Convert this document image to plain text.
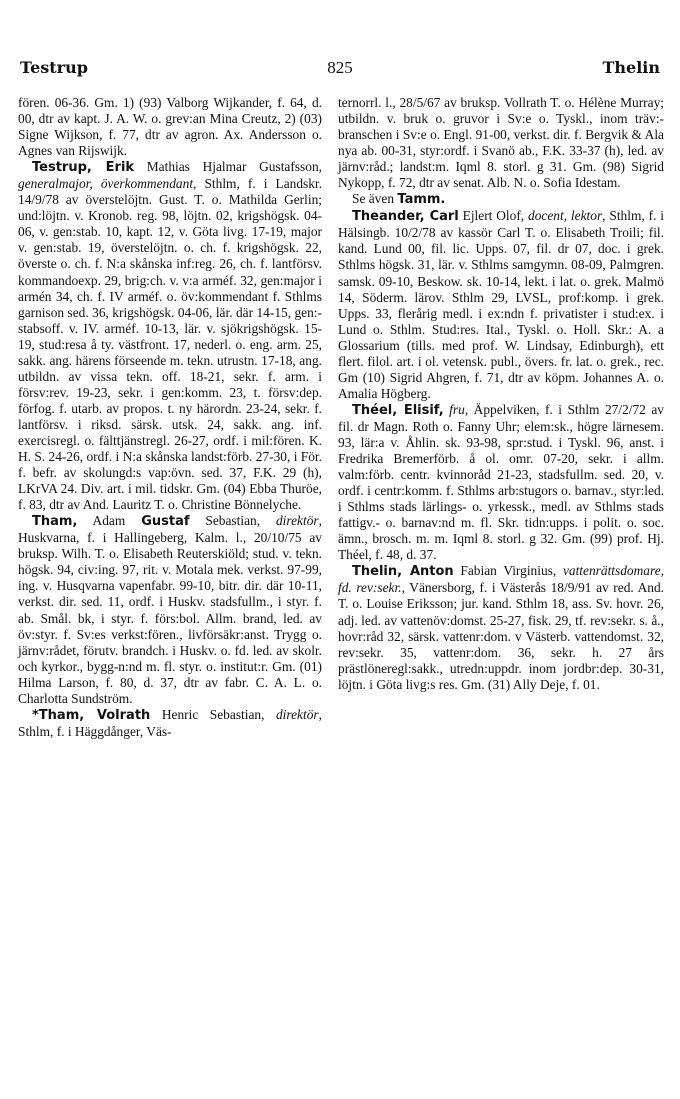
Testrup	825	Thelin

fören. 06-36. Gm. 1) (93) Valborg Wijkander, f. 64, d. 00, dtr av kapt. J. A. W. o. grev:an Mina Creutz, 2) (03) Signe Wijkson, f. 77, dtr av agron. Ax. Andersson o. Agnes van Rijswijk.

Testrup, Erik Mathias Hjalmar Gustafsson, generalmajor, överkommendant, Sthlm, f. i Landskr. 14/9/78 av överstelöjtn. Gust. T. o. Mathilda Gerlin; und:löjtn. v. Kronob. reg. 98, löjtn. 02, krigshögsk. 04-06, v. gen:stab. 10, kapt. 12, v. Göta livg. 17-19, major v. gen:stab. 19, överstelöjtn. o. ch. f. krigshögsk. 22, överste o. ch. f. N:a skånska inf:reg. 26, ch. f. lantförsv. kommandoexp. 29, brig:ch. v. v:a arméf. 32, gen:major i armén 34, ch. f. IV arméf. o. öv:kommendant f. Sthlms garnison sed. 36, krigshögsk. 04-06, lär. där 14-15, gen:-stabsoff. v. IV. arméf. 10-13, lär. v. sjökrigshögsk. 15-19, stud:resa å ty. västfront. 17, nederl. o. eng. arm. 25, sakk. ang. härens förseende m. tekn. utrustn. 17-18, ang. utbildn. av vissa tekn. off. 18-21, sekr. f. arm. i försv:rev. 19-23, sekr. i gen:komm. 23, t. försv:dep. förfog. f. utarb. av propos. t. ny härordn. 23-24, sekr. f. lantförsv. i riksd. särsk. utsk. 24, sakk. ang. inf. exercisregl. o. fälttjänstregl. 26-27, ordf. i mil:fören. K. H. S. 24-26, ordf. i N:a skånska landst:förb. 27-30, i För. f. befr. av skolungd:s vap:övn. sed. 37, F.K. 29 (h), LKrVA 24. Div. art. i mil. tidskr. Gm. (04) Ebba Thuröe, f. 83, dtr av And. Lauritz T. o. Christine Bönnelyche.

Tham, Adam Gustaf Sebastian, direktör, Huskvarna, f. i Hallingeberg, Kalm. l., 20/10/75 av bruksp. Wilh. T. o. Elisabeth Reuterskiöld; stud. v. tekn. högsk. 94, civ:ing. 97, rit. v. Motala mek. verkst. 97-99, ing. v. Husqvarna vapenfabr. 99-10, bitr. dir. där 10-11, verkst. dir. sed. 11, ordf. i Huskv. stadsfullm., i styr. f. ab. Smål. bk, i styr. f. förs:bol. Allm. brand, led. av öv:styr. f. Sv:es verkst:fören., livförsäkr:anst. Trygg o. järnv:rådet, förutv. brandch. i Huskv. o. fd. led. av skolr. och kyrkor., bygg-n:nd m. fl. styr. o. institut:r. Gm. (01) Hilma Larson, f. 80, d. 37, dtr av fabr. C. A. L. o. Charlotta Sundström.

*Tham, Volrath Henric Sebastian, direktör, Sthlm, f. i Häggdånger, Väs-

ternorrl. l., 28/5/67 av bruksp. Vollrath T. o. Hélène Murray; utbildn. v. bruk o. gruvor i Sv:e o. Tyskl., inom träv:-branschen i Sv:e o. Engl. 91-00, verkst. dir. f. Bergvik & Ala nya ab. 00-31, styr:ordf. i Svanö ab., F.K. 33-37 (h), led. av järnv:råd.; landst:m. Iqml 8. storl. g 31. Gm. (98) Sigrid Nykopp, f. 72, dtr av senat. Alb. N. o. Sofia Idestam.

Se även Tamm.

Theander, Carl Ejlert Olof, docent, lektor, Sthlm, f. i Hälsingb. 10/2/78 av kassör Carl T. o. Elisabeth Troili; fil. kand. Lund 00, fil. lic. Upps. 07, fil. dr 07, doc. i grek. Sthlms högsk. 31, lär. v. Sthlms samgymn. 08-09, Palmgren. samsk. 09-10, Beskow. sk. 10-14, lekt. i lat. o. grek. Malmö 14, Söderm. lärov. Sthlm 29, LVSL, prof:komp. i grek. Upps. 33, flerårig medl. i ex:ndn f. privatister i stud:ex. i Lund o. Sthlm. Stud:res. Ital., Tyskl. o. Holl. Skr.: A. a Glossarium (tills. med prof. W. Lindsay, Edinburgh), ett flert. filol. art. i ol. vetensk. publ., övers. fr. lat. o. grek., rec. Gm (10) Sigrid Ahgren, f. 71, dtr av köpm. Johannes A. o. Amalia Högberg.

Théel, Elisif, fru, Äppelviken, f. i Sthlm 27/2/72 av fil. dr Magn. Roth o. Fanny Uhr; elem:sk., högre lärnesem. 93, lär:a v. Åhlin. sk. 93-98, spr:stud. i Tyskl. 96, anst. i Fredrika Bremerförb. å ol. omr. 07-20, sekr. i allm. valm:förb. centr. kvinnoråd 21-23, stadsfullm. sed. 20, v. ordf. i centr:komm. f. Sthlms arb:stugors o. barnav., styr:led. i Sthlms stads lärlings- o. yrkessk., medl. av Sthlms stads fattigv.- o. barnav:nd m. fl. Skr. tidn:upps. i polit. o. soc. ämn., brosch. m. m. Iqml 8. storl. g 32. Gm. (99) prof. Hj. Théel, f. 48, d. 37.

Thelin, Anton Fabian Virginius, vattenrättsdomare, fd. rev:sekr., Vänersborg, f. i Västerås 18/9/91 av red. And. T. o. Louise Eriksson; jur. kand. Sthlm 18, ass. Sv. hovr. 26, adj. led. av vattenöv:domst. 25-27, fisk. 29, tf. rev:sekr. s. å., hovr:råd 32, särsk. vattenr:dom. v Västerb. vattendomst. 32, rev:sekr. 35, vattenr:dom. 36, sekr. h. 27 års prästlöneregl:sakk., utredn:uppdr. inom jordbr:dep. 30-31, löjtn. i Göta livg:s res. Gm. (31) Ally Deje, f. 01.
